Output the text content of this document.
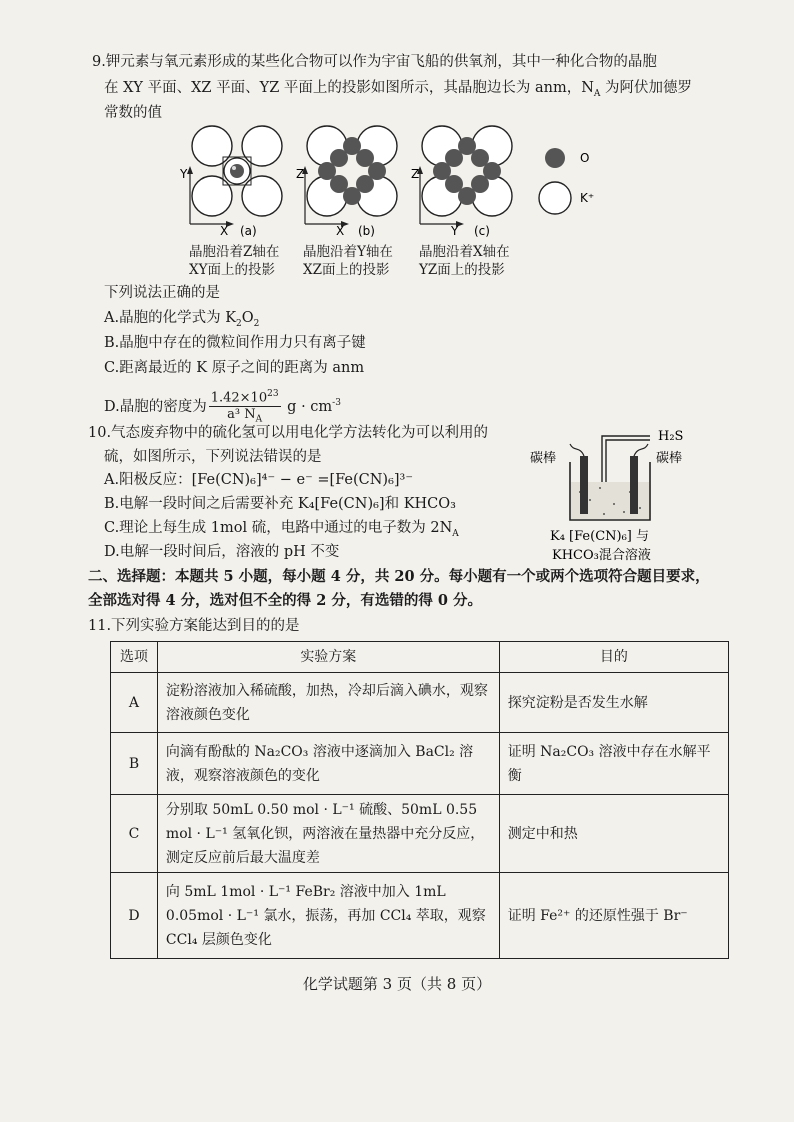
9.钾元素与氧元素形成的某些化合物可以作为宇宙飞船的供氧剂，其中一种化合物的晶胞
在 XY 平面、XZ 平面、YZ 平面上的投影如图所示，其晶胞边长为 anm，$N_A$ 为阿伏加德罗
常数的值
Y
X (a)
Z
X (b)
Z
Y (c)
O
K⁺
晶胞沿着Z轴在
XY面上的投影
晶胞沿着Y轴在
XZ面上的投影
晶胞沿着X轴在
YZ面上的投影
下列说法正确的是
A.晶胞的化学式为 $K_2O_2$
B.晶胞中存在的微粒间作用力只有离子键
C.距离最近的 K 原子之间的距离为 anm
D.晶胞的密度为 $\frac{1.42\times 10^{23}}{a^3 N_A}$ $g \cdot cm^{-3}$
10.气态废弃物中的硫化氢可以用电化学方法转化为可以利用的
硫，如图所示，下列说法错误的是
A.阳极反应：[Fe(CN)₆]⁴⁻ − e⁻ =[Fe(CN)₆]³⁻
B.电解一段时间之后需要补充 K₄[Fe(CN)₆]和 KHCO₃
C.理论上每生成 1mol 硫，电路中通过的电子数为 $2N_A$
D.电解一段时间后，溶液的 pH 不变
H₂S
碳棒	碳棒
K₄ [Fe(CN)₆] 与
KHCO₃混合溶液
二、选择题：本题共 5 小题，每小题 4 分，共 20 分。每小题有一个或两个选项符合题目要求，
全部选对得 4 分，选对但不全的得 2 分，有选错的得 0 分。
11.下列实验方案能达到目的的是
选项	实验方案	目的
A	淀粉溶液加入稀硫酸，加热，冷却后滴入碘水，观察溶液颜色变化	探究淀粉是否发生水解
B	向滴有酚酞的 Na₂CO₃ 溶液中逐滴加入 BaCl₂ 溶液，观察溶液颜色的变化	证明 Na₂CO₃ 溶液中存在水解平衡
C	分别取 50mL 0.50 mol · L⁻¹ 硫酸、50mL 0.55 mol · L⁻¹ 氢氧化钡，两溶液在量热器中充分反应，测定反应前后最大温度差	测定中和热
D	向 5mL 1mol · L⁻¹ FeBr₂ 溶液中加入 1mL 0.05mol · L⁻¹ 氯水，振荡，再加 CCl₄ 萃取，观察 CCl₄ 层颜色变化	证明 Fe²⁺ 的还原性强于 Br⁻
化学试题第 3 页（共 8 页）
